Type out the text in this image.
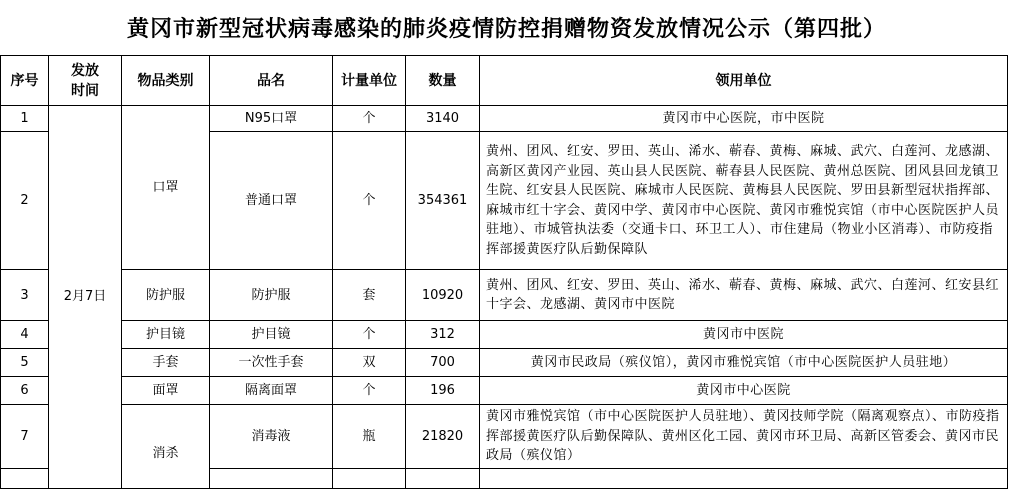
黄冈市新型冠状病毒感染的肺炎疫情防控捐赠物资发放情况公示（第四批）
序号	发放时间	物品类别	品名	计量单位	数量	领用单位
1	2月7日	口罩	N95口罩	个	3140	黄冈市中心医院，市中医院
2			普通口罩	个	354361	黄州、团风、红安、罗田、英山、浠水、蕲春、黄梅、麻城、武穴、白莲河、龙感湖、高新区黄冈产业园、英山县人民医院、蕲春县人民医院、黄州总医院、团风县回龙镇卫生院、红安县人民医院、麻城市人民医院、黄梅县人民医院、罗田县新型冠状指挥部、麻城市红十字会、黄冈中学、黄冈市中心医院、黄冈市雅悦宾馆（市中心医院医护人员驻地）、市城管执法委（交通卡口、环卫工人）、市住建局（物业小区消毒）、市防疫指挥部援黄医疗队后勤保障队
3		防护服	防护服	套	10920	黄州、团风、红安、罗田、英山、浠水、蕲春、黄梅、麻城、武穴、白莲河、红安县红十字会、龙感湖、黄冈市中医院
4		护目镜	护目镜	个	312	黄冈市中医院
5		手套	一次性手套	双	700	黄冈市民政局（殡仪馆），黄冈市雅悦宾馆（市中心医院医护人员驻地）
6		面罩	隔离面罩	个	196	黄冈市中心医院
7		消杀	消毒液	瓶	21820	黄冈市雅悦宾馆（市中心医院医护人员驻地）、黄冈技师学院（隔离观察点）、市防疫指挥部援黄医疗队后勤保障队、黄州区化工园、黄冈市环卫局、高新区管委会、黄冈市民政局（殡仪馆）
